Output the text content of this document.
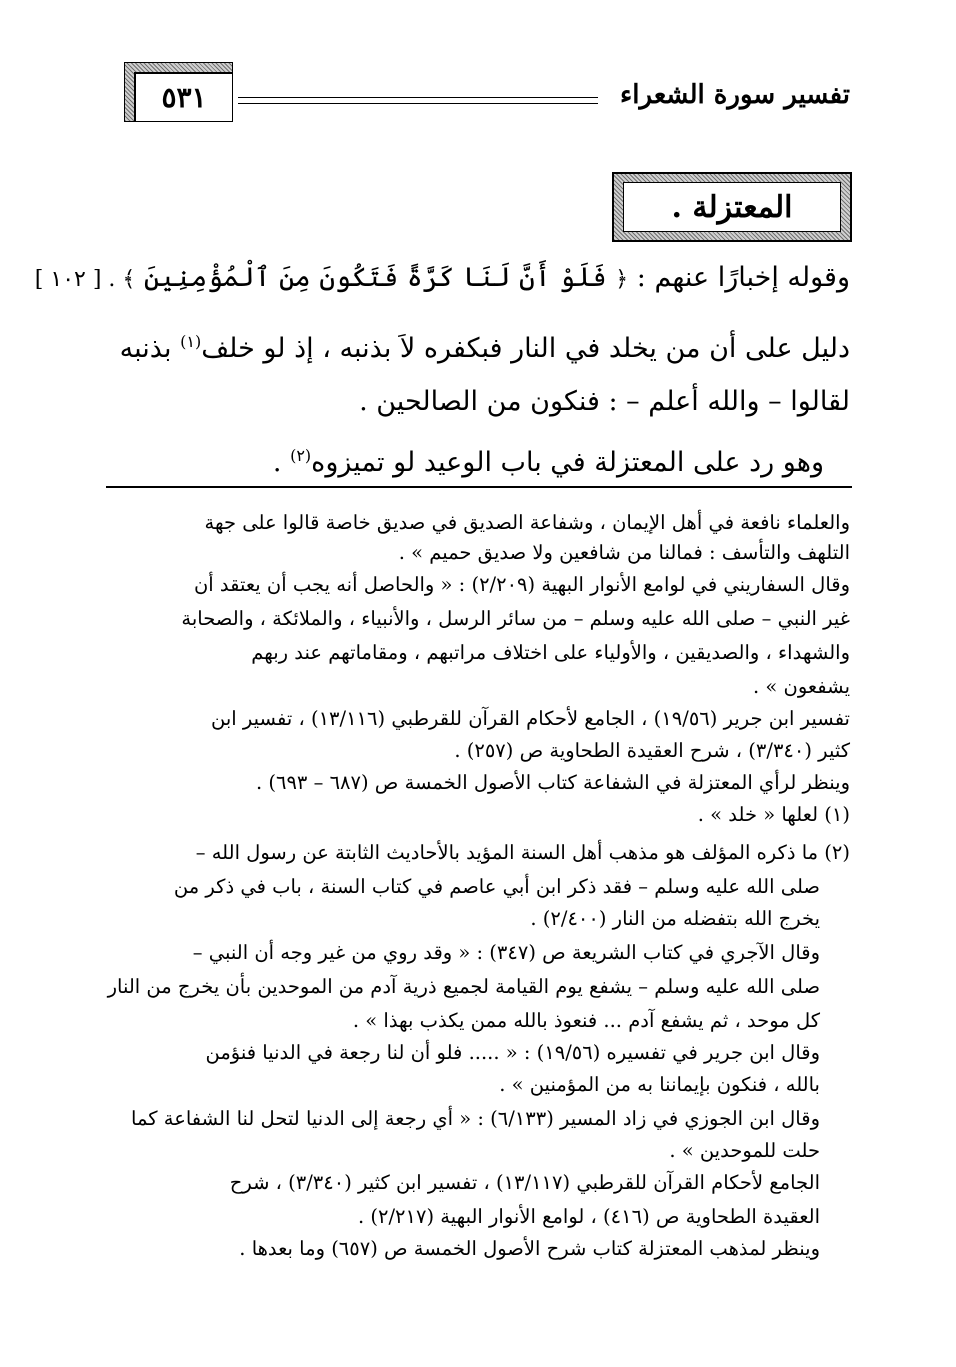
٥٣١	تفسير سورة الشعراء
المعتزلة .
وقوله إخبارًا عنهم : ﴿ فَلَوْ أَنَّ لَنَا كَرَّةً فَتَكُونَ مِنَ ٱلْمُؤْمِنِينَ ﴾ . [ ١٠٢ ]
دليل على أن من يخلد في النار فبكفره لاَ بذنبه ، إذ لو خلف$^{(١)}$ بذنبه
لقالوا – والله أعلم – : فنكون من الصالحين .
وهو رد على المعتزلة في باب الوعيد لو تميزوه$^{(٢)}$ .
والعلماء نافعة في أهل الإيمان ، وشفاعة الصديق في صديق خاصة قالوا على جهة
التلهف والتأسف : فمالنا من شافعين ولا صديق حميم » .
وقال السفاريني في لوامع الأنوار البهية (٢/٢٠٩) : « والحاصل أنه يجب أن يعتقد أن
غير النبي – صلى الله عليه وسلم – من سائر الرسل ، والأنبياء ، والملائكة ، والصحابة
والشهداء ، والصديقين ، والأولياء على اختلاف مراتبهم ، ومقاماتهم عند ربهم
يشفعون » .
تفسير ابن جرير (١٩/٥٦) ، الجامع لأحكام القرآن للقرطبي (١٣/١١٦) ، تفسير ابن
كثير (٣/٣٤٠) ، شرح العقيدة الطحاوية ص (٢٥٧) .
وينظر لرأي المعتزلة في الشفاعة كتاب الأصول الخمسة ص (٦٨٧ – ٦٩٣) .
(١) لعلها « خلد » .
(٢) ما ذكره المؤلف هو مذهب أهل السنة المؤيد بالأحاديث الثابتة عن رسول الله –
صلى الله عليه وسلم – فقد ذكر ابن أبي عاصم في كتاب السنة ، باب في ذكر من
يخرج الله بتفضله من النار (٢/٤٠٠) .
وقال الآجري في كتاب الشريعة ص (٣٤٧) : « وقد روي من غير وجه أن النبي –
صلى الله عليه وسلم – يشفع يوم القيامة لجميع ذرية آدم من الموحدين بأن يخرج من النار
كل موحد ، ثم يشفع آدم ... فنعوذ بالله ممن يكذب بهذا » .
وقال ابن جرير في تفسيره (١٩/٥٦) : « ..... فلو أن لنا رجعة في الدنيا فنؤمن
بالله ، فنكون بإيماننا به من المؤمنين » .
وقال ابن الجوزي في زاد المسير (٦/١٣٣) : « أي رجعة إلى الدنيا لتحل لنا الشفاعة كما
حلت للموحدين » .
الجامع لأحكام القرآن للقرطبي (١٣/١١٧) ، تفسير ابن كثير (٣/٣٤٠) ، شرح
العقيدة الطحاوية ص (٤١٦) ، لوامع الأنوار البهية (٢/٢١٧) .
وينظر لمذهب المعتزلة كتاب شرح الأصول الخمسة ص (٦٥٧) وما بعدها .
